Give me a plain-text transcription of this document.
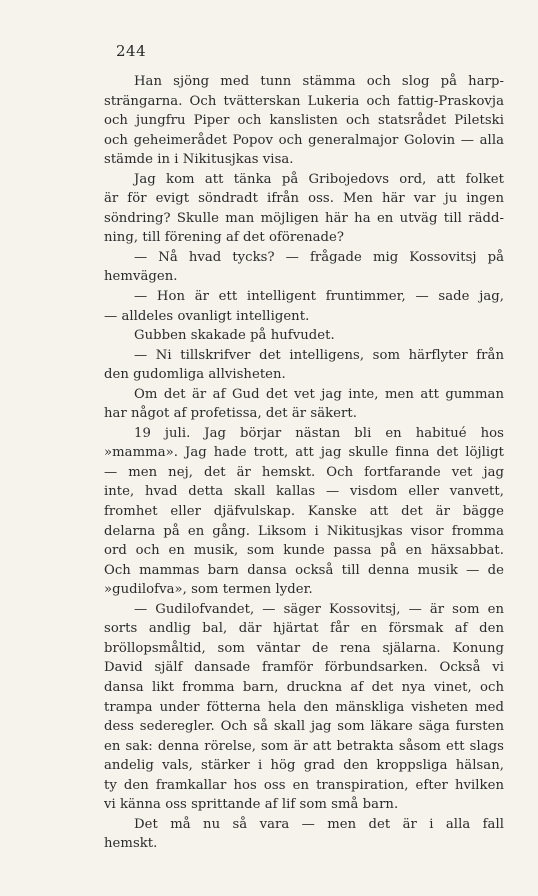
244
Han sjöng med tunn stämma och slog på harp-
strängarna. Och tvätterskan Lukeria och fattig-Praskovja
och jungfru Piper och kanslisten och statsrådet Piletski
och geheimerådet Popov och generalmajor Golovin — alla
stämde in i Nikitusjkas visa.
Jag kom att tänka på Gribojedovs ord, att folket
är för evigt söndradt ifrån oss. Men här var ju ingen
söndring? Skulle man möjligen här ha en utväg till rädd-
ning, till förening af det oförenade?
— Nå hvad tycks? — frågade mig Kossovitsj på
hemvägen.
— Hon är ett intelligent fruntimmer, — sade jag,
— alldeles ovanligt intelligent.
Gubben skakade på hufvudet.
— Ni tillskrifver det intelligens, som härflyter från
den gudomliga allvisheten.
Om det är af Gud det vet jag inte, men att gumman
har något af profetissa, det är säkert.
19 juli. Jag börjar nästan bli en habitué hos
»mamma». Jag hade trott, att jag skulle finna det löjligt
— men nej, det är hemskt. Och fortfarande vet jag
inte, hvad detta skall kallas — visdom eller vanvett,
fromhet eller djäfvulskap. Kanske att det är bägge
delarna på en gång. Liksom i Nikitusjkas visor fromma
ord och en musik, som kunde passa på en häxsabbat.
Och mammas barn dansa också till denna musik — de
»gudilofva», som termen lyder.
— Gudilofvandet, — säger Kossovitsj, — är som en
sorts andlig bal, där hjärtat får en försmak af den
bröllopsmåltid, som väntar de rena själarna. Konung
David själf dansade framför förbundsarken. Också vi
dansa likt fromma barn, druckna af det nya vinet, och
trampa under fötterna hela den mänskliga visheten med
dess sederegler. Och så skall jag som läkare säga fursten
en sak: denna rörelse, som är att betrakta såsom ett slags
andelig vals, stärker i hög grad den kroppsliga hälsan,
ty den framkallar hos oss en transpiration, efter hvilken
vi känna oss sprittande af lif som små barn.
Det må nu så vara — men det är i alla fall
hemskt.
